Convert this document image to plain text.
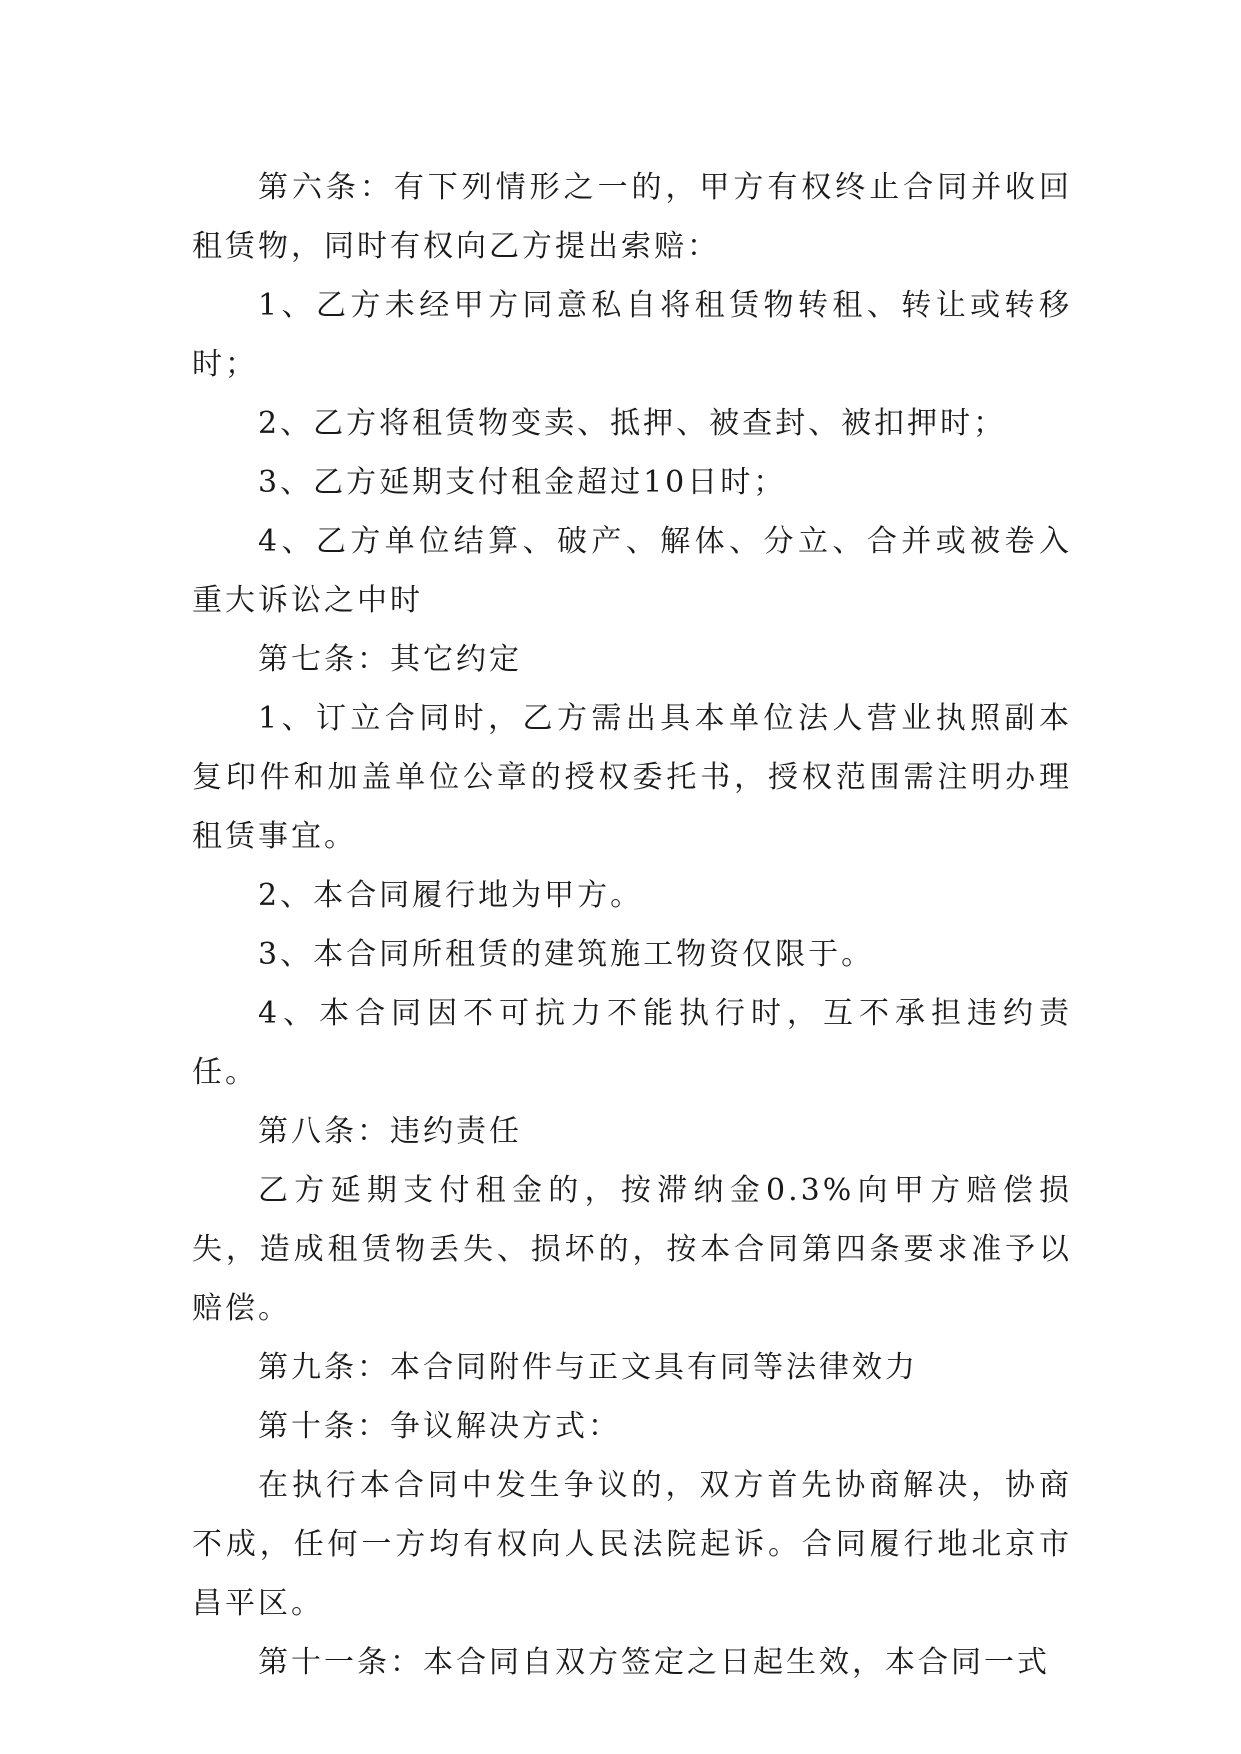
第六条：有下列情形之一的，甲方有权终止合同并收回租赁物，同时有权向乙方提出索赔：

1、乙方未经甲方同意私自将租赁物转租、转让或转移时；

2、乙方将租赁物变卖、抵押、被查封、被扣押时；

3、乙方延期支付租金超过10日时；

4、乙方单位结算、破产、解体、分立、合并或被卷入重大诉讼之中时

第七条：其它约定

1、订立合同时，乙方需出具本单位法人营业执照副本复印件和加盖单位公章的授权委托书，授权范围需注明办理租赁事宜。

2、本合同履行地为甲方。

3、本合同所租赁的建筑施工物资仅限于。

4、本合同因不可抗力不能执行时，互不承担违约责任。

第八条：违约责任

乙方延期支付租金的，按滞纳金0.3%向甲方赔偿损失，造成租赁物丢失、损坏的，按本合同第四条要求准予以赔偿。

第九条：本合同附件与正文具有同等法律效力

第十条：争议解决方式：

在执行本合同中发生争议的，双方首先协商解决，协商不成，任何一方均有权向人民法院起诉。合同履行地北京市昌平区。

第十一条：本合同自双方签定之日起生效，本合同一式
